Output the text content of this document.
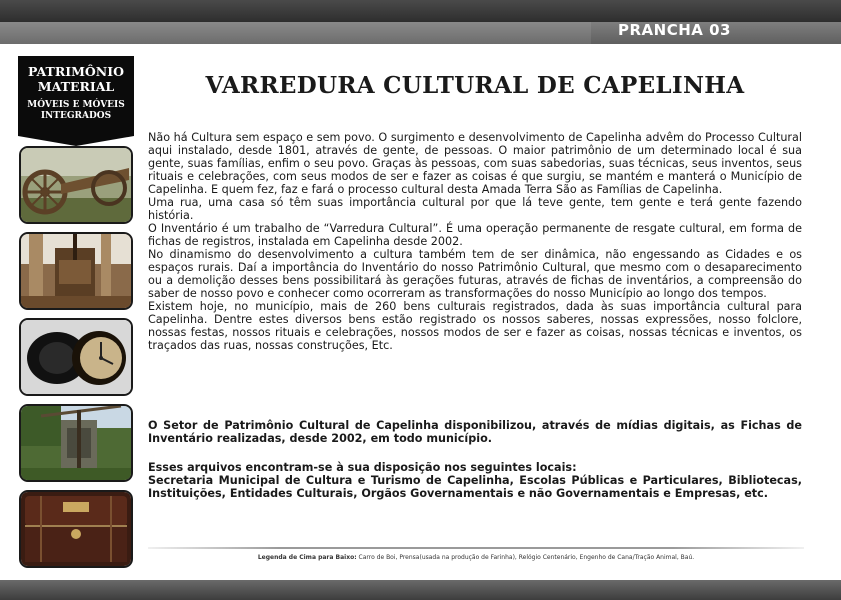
PRANCHA 03
PATRIMÔNIO MATERIAL
MÓVEIS E MÓVEIS INTEGRADOS
VARREDURA CULTURAL DE CAPELINHA

Não há Cultura sem espaço e sem povo. O surgimento e desenvolvimento de Capelinha advêm do Processo Cultural aqui instalado, desde 1801, através de gente, de pessoas. O maior patrimônio de um determinado local é sua gente, suas famílias, enfim o seu povo. Graças às pessoas, com suas sabedorias, suas técnicas, seus inventos, seus rituais e celebrações, com seus modos de ser e fazer as coisas é que surgiu, se mantém e manterá o Município de Capelinha. E quem fez, faz e fará o processo cultural desta Amada Terra São as Famílias de Capelinha.

Uma rua, uma casa só têm suas importância cultural por que lá teve gente, tem gente e terá gente fazendo história.

O Inventário é um trabalho de “Varredura Cultural”. É uma operação permanente de resgate cultural, em forma de fichas de registros, instalada em Capelinha desde 2002.

No dinamismo do desenvolvimento a cultura também tem de ser dinâmica, não engessando as Cidades e os espaços rurais. Daí a importância do Inventário do nosso Patrimônio Cultural, que mesmo com o desaparecimento ou a demolição desses bens possibilitará às gerações futuras, através de fichas de inventários, a compreensão do saber de nosso povo e conhecer como ocorreram as transformações do nosso Município ao longo dos tempos.

Existem hoje, no município, mais de 260 bens culturais registrados, dada às suas importância cultural para Capelinha. Dentre estes diversos bens estão registrado os nossos saberes, nossas expressões, nosso folclore, nossas festas, nossos rituais e celebrações, nossos modos de ser e fazer as coisas, nossas técnicas e inventos, os traçados das ruas, nossas construções, Etc.

O Setor de Patrimônio Cultural de Capelinha disponibilizou, através de mídias digitais, as Fichas de Inventário realizadas, desde 2002, em todo município.

Esses arquivos encontram-se à sua disposição nos seguintes locais:

Secretaria Municipal de Cultura e Turismo de Capelinha, Escolas Públicas e Particulares, Bibliotecas, Instituições, Entidades Culturais, Orgãos Governamentais e não Governamentais e Empresas, etc.

Legenda de Cima para Baixo: Carro de Boi, Prensa(usada na produção de Farinha), Relógio Centenário, Engenho de Cana/Tração Animal, Baú.
